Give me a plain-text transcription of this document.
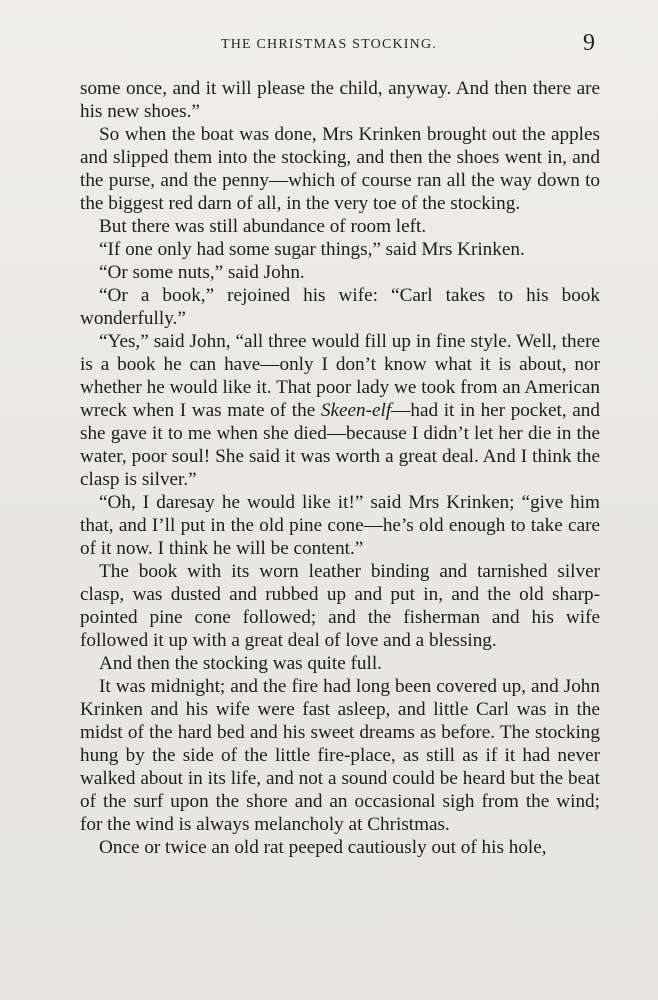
THE CHRISTMAS STOCKING.	9

some once, and it will please the child, anyway. And then there are his new shoes.”

So when the boat was done, Mrs Krinken brought out the apples and slipped them into the stocking, and then the shoes went in, and the purse, and the penny—which of course ran all the way down to the biggest red darn of all, in the very toe of the stocking.

But there was still abundance of room left.

“If one only had some sugar things,” said Mrs Krinken.

“Or some nuts,” said John.

“Or a book,” rejoined his wife: “Carl takes to his book wonderfully.”

“Yes,” said John, “all three would fill up in fine style. Well, there is a book he can have—only I don’t know what it is about, nor whether he would like it. That poor lady we took from an American wreck when I was mate of the Skeen-elf—had it in her pocket, and she gave it to me when she died—because I didn’t let her die in the water, poor soul! She said it was worth a great deal. And I think the clasp is silver.”

“Oh, I daresay he would like it!” said Mrs Krinken; “give him that, and I’ll put in the old pine cone—he’s old enough to take care of it now. I think he will be content.”

The book with its worn leather binding and tarnished silver clasp, was dusted and rubbed up and put in, and the old sharp-pointed pine cone followed; and the fisherman and his wife followed it up with a great deal of love and a blessing.

And then the stocking was quite full.

It was midnight; and the fire had long been covered up, and John Krinken and his wife were fast asleep, and little Carl was in the midst of the hard bed and his sweet dreams as before. The stocking hung by the side of the little fire-place, as still as if it had never walked about in its life, and not a sound could be heard but the beat of the surf upon the shore and an occasional sigh from the wind; for the wind is always melancholy at Christmas.

Once or twice an old rat peeped cautiously out of his hole,
